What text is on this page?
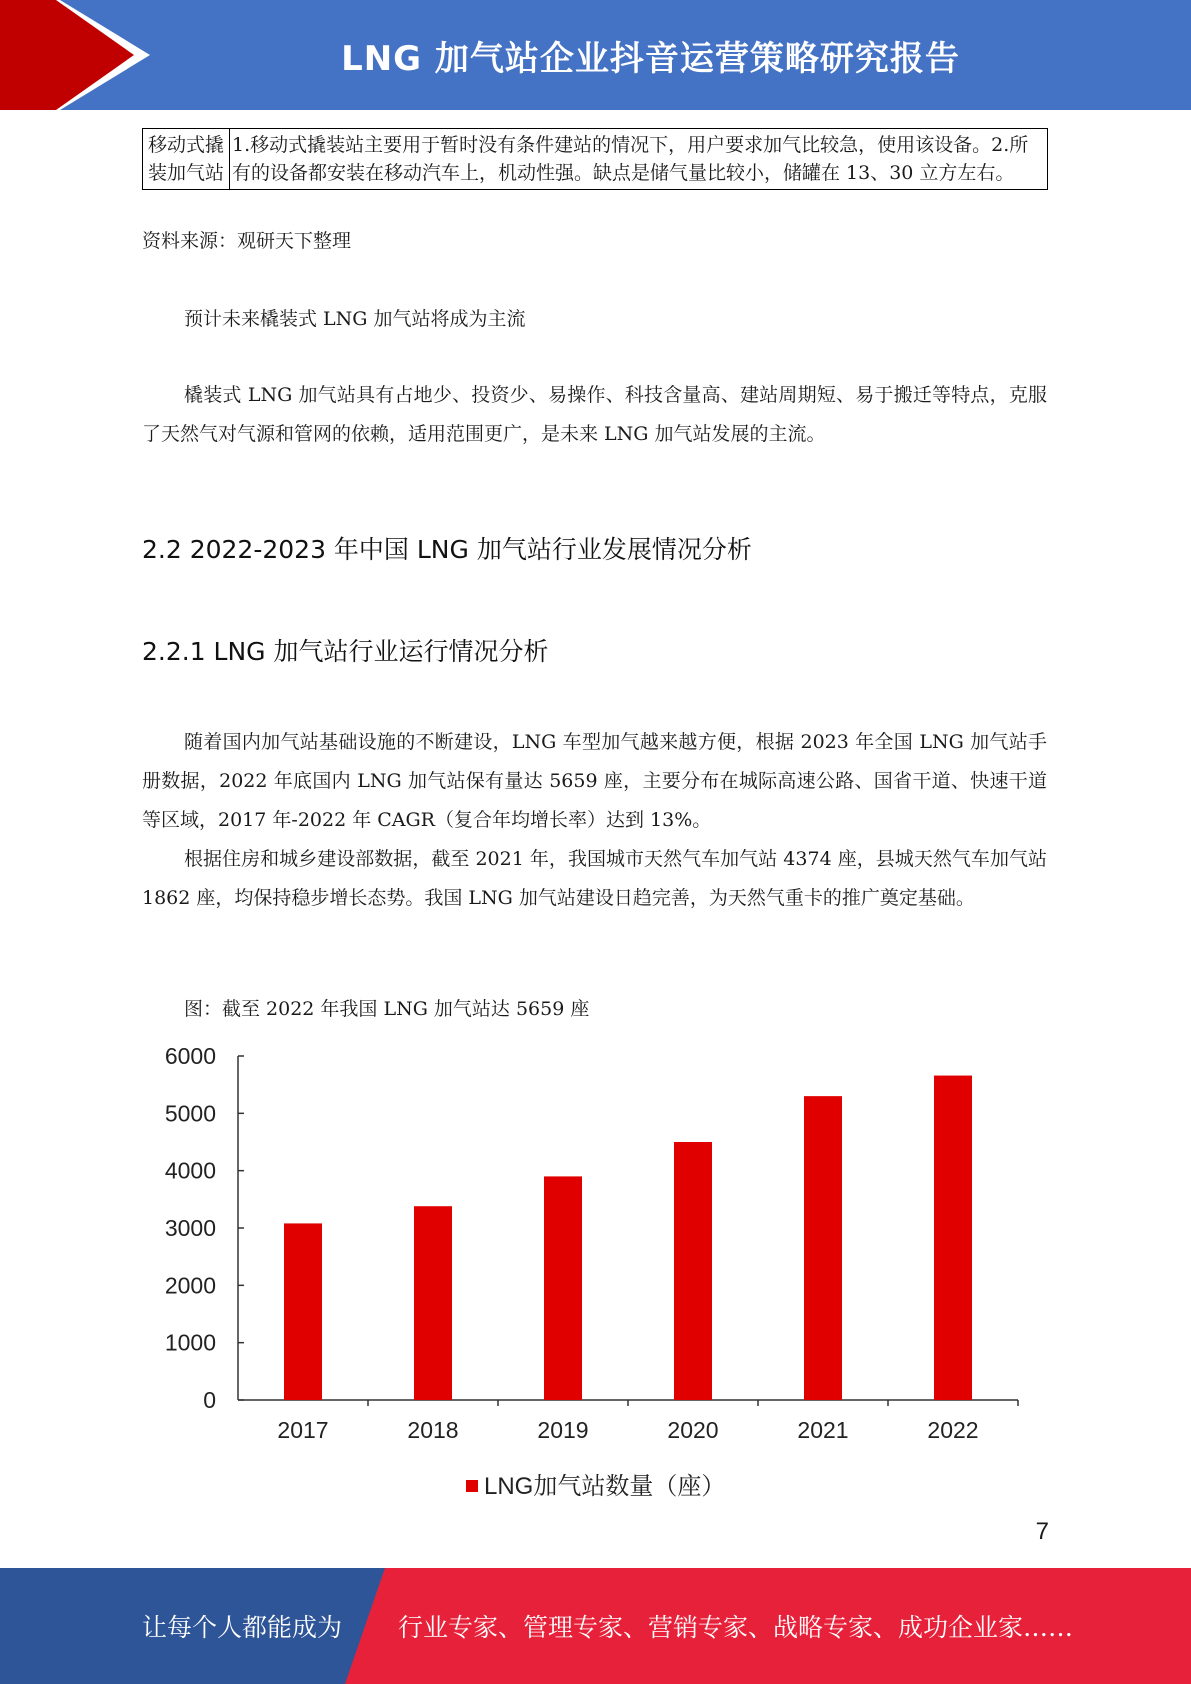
LNG 加气站企业抖音运营策略研究报告
移动式撬装加气站	1.移动式撬装站主要用于暂时没有条件建站的情况下，用户要求加气比较急，使用该设备。2.所有的设备都安装在移动汽车上，机动性强。缺点是储气量比较小，储罐在 13、30 立方左右。
资料来源：观研天下整理
预计未来橇装式 LNG 加气站将成为主流
橇装式 LNG 加气站具有占地少、投资少、易操作、科技含量高、建站周期短、易于搬迁等特点，克服了天然气对气源和管网的依赖，适用范围更广，是未来 LNG 加气站发展的主流。
2.2 2022-2023 年中国 LNG 加气站行业发展情况分析
2.2.1 LNG 加气站行业运行情况分析
随着国内加气站基础设施的不断建设，LNG 车型加气越来越方便，根据 2023 年全国 LNG 加气站手册数据，2022 年底国内 LNG 加气站保有量达 5659 座，主要分布在城际高速公路、国省干道、快速干道等区域，2017 年-2022 年 CAGR（复合年均增长率）达到 13%。
根据住房和城乡建设部数据，截至 2021 年，我国城市天然气车加气站 4374 座，县城天然气车加气站 1862 座，均保持稳步增长态势。我国 LNG 加气站建设日趋完善，为天然气重卡的推广奠定基础。
图：截至 2022 年我国 LNG 加气站达 5659 座
0
1000
2000
3000
4000
5000
6000
2017	2018	2019	2020	2021	2022
LNG加气站数量（座）
7
让每个人都能成为 行业专家、管理专家、营销专家、战略专家、成功企业家……
